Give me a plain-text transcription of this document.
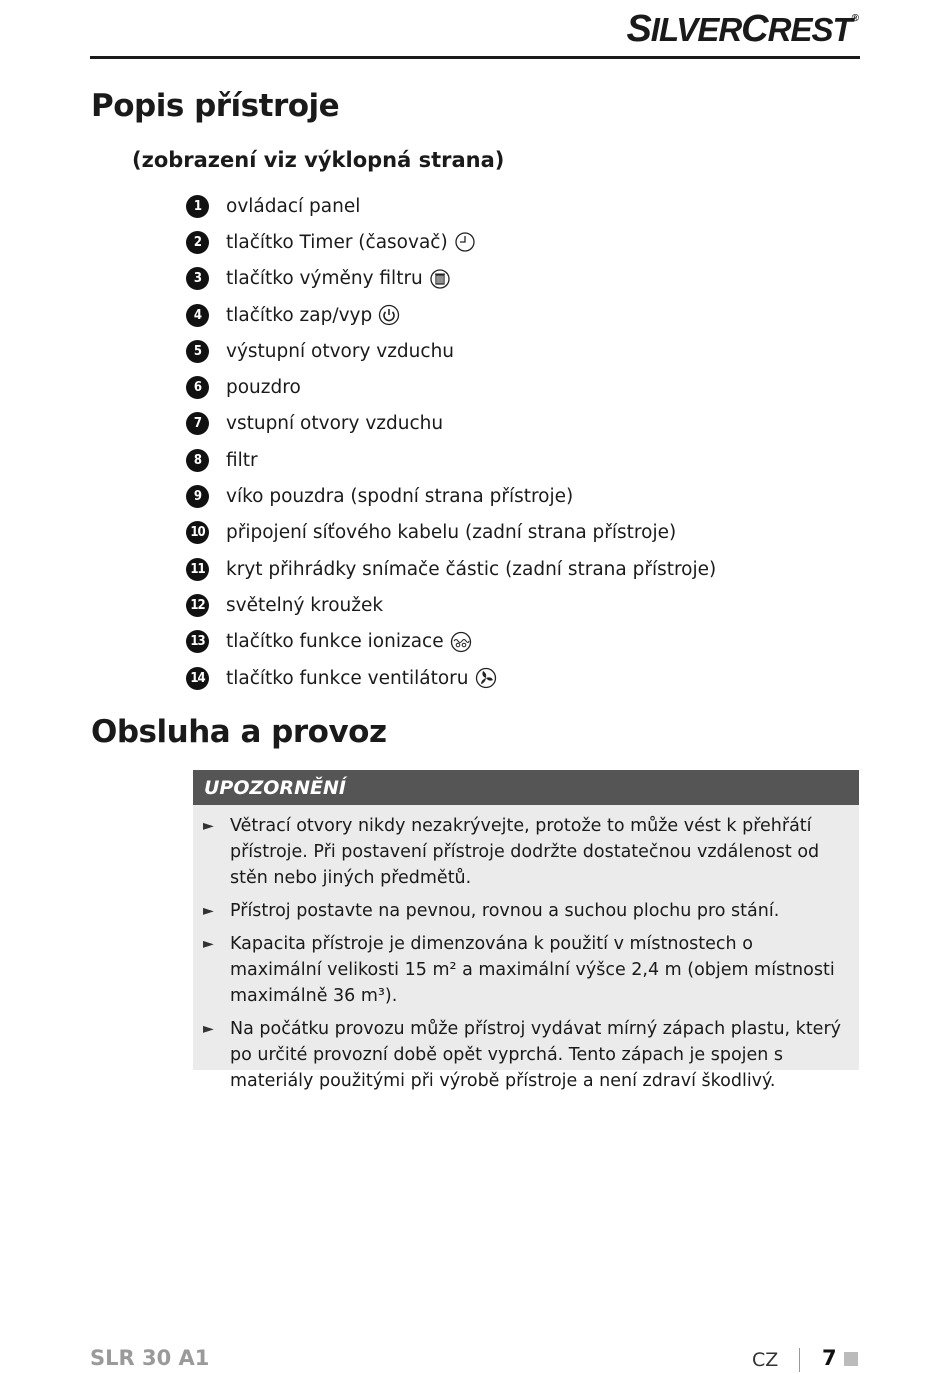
SILVERCREST®
Popis přístroje
(zobrazení viz výklopná strana)
1	ovládací panel
2	tlačítko Timer (časovač)
3	tlačítko výměny filtru
4	tlačítko zap/vyp
5	výstupní otvory vzduchu
6	pouzdro
7	vstupní otvory vzduchu
8	filtr
9	víko pouzdra (spodní strana přístroje)
10 připojení síťového kabelu (zadní strana přístroje)
11 kryt přihrádky snímače částic (zadní strana přístroje)
12 světelný kroužek
13 tlačítko funkce ionizace
14 tlačítko funkce ventilátoru
Obsluha a provoz
UPOZORNĚNÍ
► Větrací otvory nikdy nezakrývejte, protože to může vést k přehřátí přístroje. Při postavení přístroje dodržte dostatečnou vzdálenost od stěn nebo jiných předmětů.
► Přístroj postavte na pevnou, rovnou a suchou plochu pro stání.
► Kapacita přístroje je dimenzována k použití v místnostech o maximální velikosti 15 m² a maximální výšce 2,4 m (objem místnosti maximálně 36 m³).
► Na počátku provozu může přístroj vydávat mírný zápach plastu, který po určité provozní době opět vyprchá. Tento zápach je spojen s materiály použitými při výrobě přístroje a není zdraví škodlivý.
SLR 30 A1	CZ 7
